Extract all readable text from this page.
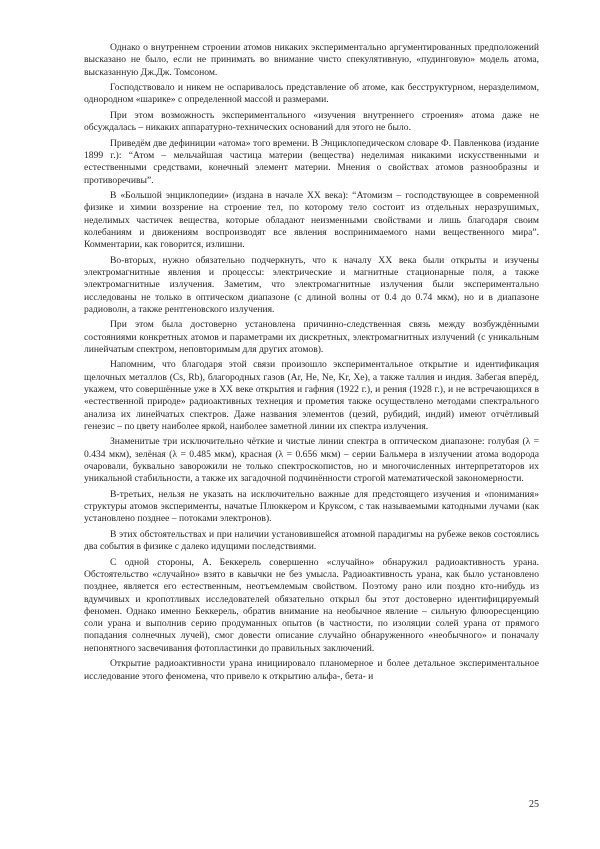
Однако о внутреннем строении атомов никаких экспериментально аргументированных предположений высказано не было, если не принимать во внимание чисто спекулятивную, «пудинговую» модель атома, высказанную Дж.Дж. Томсоном.

Господствовало и никем не оспаривалось представление об атоме, как бесструктурном, неразделимом, однородном «шарике» с определенной массой и размерами.

При этом возможность экспериментального «изучения внутреннего строения» атома даже не обсуждалась – никаких аппаратурно-технических оснований для этого не было.

Приведём две дефиниции «атома» того времени. В Энциклопедическом словаре Ф. Павленкова (издание 1899 г.): “Атом – мельчайшая частица материи (вещества) неделимая никакими искусственными и естественными средствами, конечный элемент материи. Мнения о свойствах атомов разнообразны и противоречивы”.

В «Большой энциклопедии» (издана в начале XX века): “Атомизм – господствующее в современной физике и химии воззрение на строение тел, по которому тело состоит из отдельных неразрушимых, неделимых частичек вещества, которые обладают неизменными свойствами и лишь благодаря своим колебаниям и движениям воспроизводят все явления воспринимаемого нами вещественного мира”. Комментарии, как говорится, излишни.

Во-вторых, нужно обязательно подчеркнуть, что к началу XX века были открыты и изучены электромагнитные явления и процессы: электрические и магнитные стационарные поля, а также электромагнитные излучения. Заметим, что электромагнитные излучения были экспериментально исследованы не только в оптическом диапазоне (с длиной волны от 0.4 до 0.74 мкм), но и в диапазоне радиоволн, а также рентгеновского излучения.

При этом была достоверно установлена причинно-следственная связь между возбуждёнными состояниями конкретных атомов и параметрами их дискретных, электромагнитных излучений (с уникальным линейчатым спектром, неповторимым для других атомов).

Напомним, что благодаря этой связи произошло экспериментальное открытие и идентификация щелочных металлов (Cs, Rb), благородных газов (Ar, He, Ne, Kr, Xe), а также таллия и индия. Забегая вперёд, укажем, что совершённые уже в XX веке открытия и гафния (1922 г.), и рения (1928 г.), и не встречающихся в «естественной природе» радиоактивных технеция и прометия также осуществлено методами спектрального анализа их линейчатых спектров. Даже названия элементов (цезий, рубидий, индий) имеют отчётливый генезис – по цвету наиболее яркой, наиболее заметной линии их спектра излучения.

Знаменитые три исключительно чёткие и чистые линии спектра в оптическом диапазоне: голубая (λ = 0.434 мкм), зелёная (λ = 0.485 мкм), красная (λ = 0.656 мкм) – серии Бальмера в излучении атома водорода очаровали, буквально заворожили не только спектроскопистов, но и многочисленных интерпретаторов их уникальной стабильности, а также их загадочной подчинённости строгой математической закономерности.

В-третьих, нельзя не указать на исключительно важные для предстоящего изучения и «понимания» структуры атомов эксперименты, начатые Плюккером и Круксом, с так называемыми катодными лучами (как установлено позднее – потоками электронов).

В этих обстоятельствах и при наличии установившейся атомной парадигмы на рубеже веков состоялись два события в физике с далеко идущими последствиями.

С одной стороны, А. Беккерель совершенно «случайно» обнаружил радиоактивность урана. Обстоятельство «случайно» взято в кавычки не без умысла. Радиоактивность урана, как было установлено позднее, является его естественным, неотъемлемым свойством. Поэтому рано или поздно кто-нибудь из вдумчивых и кропотливых исследователей обязательно открыл бы этот достоверно идентифицируемый феномен. Однако именно Беккерель, обратив внимание на необычное явление – сильную флюоресценцию соли урана и выполнив серию продуманных опытов (в частности, по изоляции солей урана от прямого попадания солнечных лучей), смог довести описание случайно обнаруженного «необычного» и поначалу непонятного засвечивания фотопластинки до правильных заключений.

Открытие радиоактивности урана инициировало планомерное и более детальное экспериментальное исследование этого феномена, что привело к открытию альфа-, бета- и

25
